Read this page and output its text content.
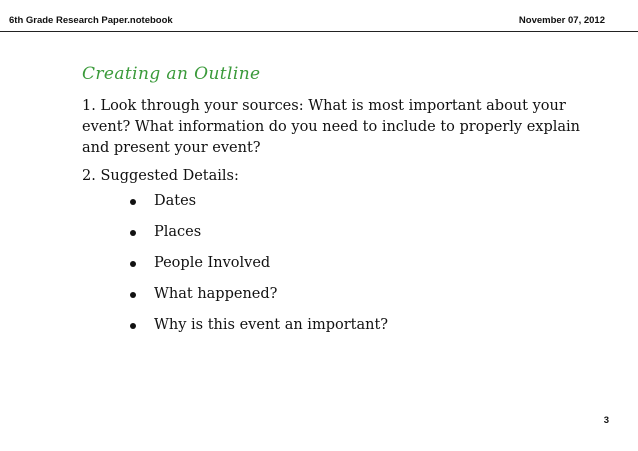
6th Grade Research Paper.notebook	November 07, 2012
Creating an Outline

1. Look through your sources: What is most important about your event? What information do you need to include to properly explain and present your event?

2. Suggested Details:

Dates
Places
People Involved
What happened?
Why is this event an important?
3
